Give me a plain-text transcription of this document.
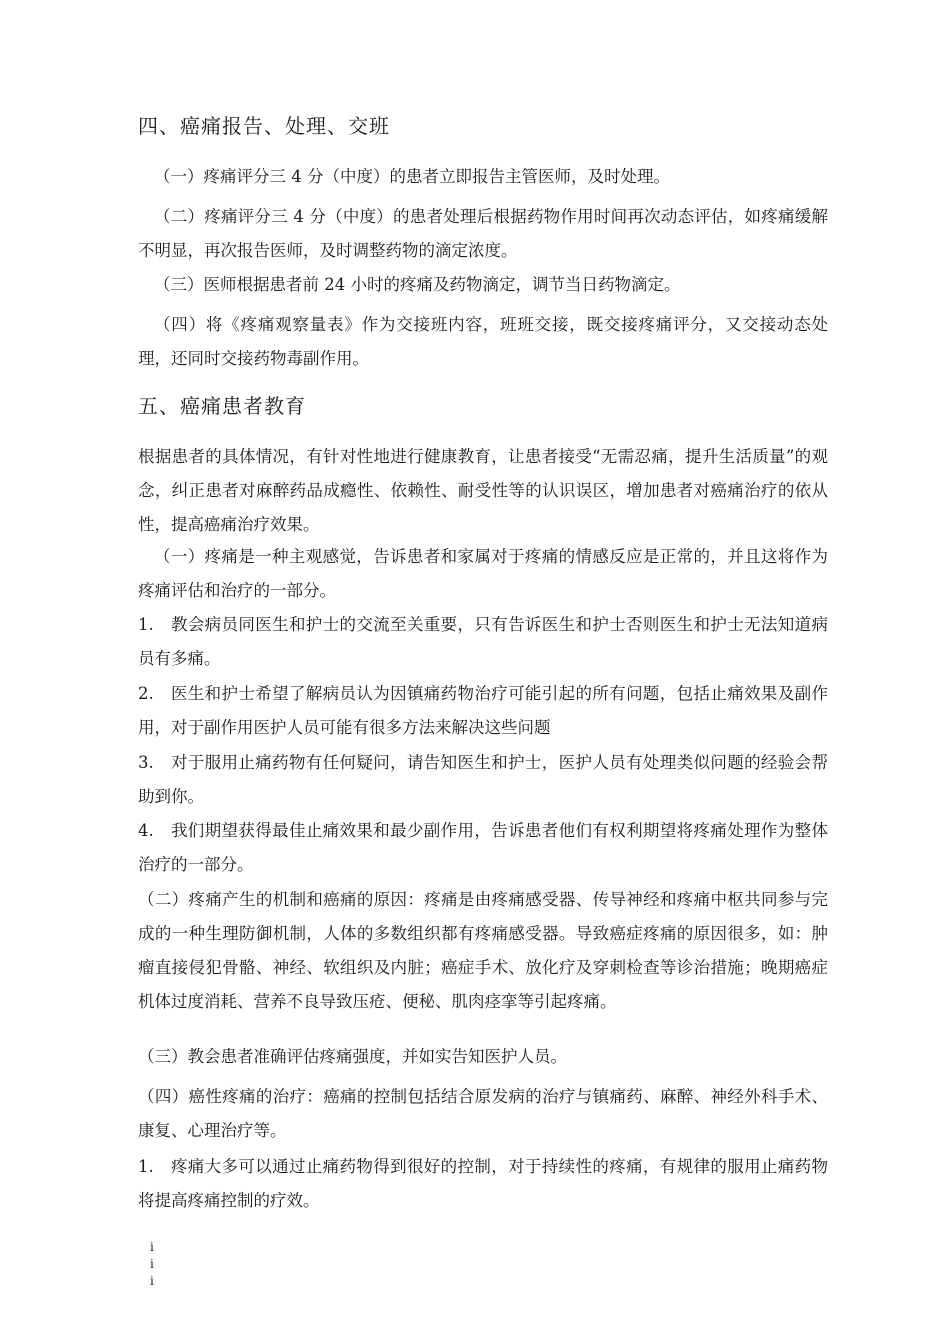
四、癌痛报告、处理、交班

（一）疼痛评分三 4 分（中度）的患者立即报告主管医师，及时处理。

（二）疼痛评分三 4 分（中度）的患者处理后根据药物作用时间再次动态评估，如疼痛缓解不明显，再次报告医师，及时调整药物的滴定浓度。

（三）医师根据患者前 24 小时的疼痛及药物滴定，调节当日药物滴定。

（四）将《疼痛观察量表》作为交接班内容，班班交接，既交接疼痛评分，又交接动态处理，还同时交接药物毒副作用。

五、癌痛患者教育

根据患者的具体情况，有针对性地进行健康教育，让患者接受“无需忍痛，提升生活质量”的观念，纠正患者对麻醉药品成瘾性、依赖性、耐受性等的认识误区，增加患者对癌痛治疗的依从性，提高癌痛治疗效果。

（一）疼痛是一种主观感觉，告诉患者和家属对于疼痛的情感反应是正常的，并且这将作为疼痛评估和治疗的一部分。

1.　教会病员同医生和护士的交流至关重要，只有告诉医生和护士否则医生和护士无法知道病员有多痛。

2.　医生和护士希望了解病员认为因镇痛药物治疗可能引起的所有问题，包括止痛效果及副作用，对于副作用医护人员可能有很多方法来解决这些问题

3.　对于服用止痛药物有任何疑问，请告知医生和护士，医护人员有处理类似问题的经验会帮助到你。

4.　我们期望获得最佳止痛效果和最少副作用，告诉患者他们有权利期望将疼痛处理作为整体治疗的一部分。

（二）疼痛产生的机制和癌痛的原因：疼痛是由疼痛感受器、传导神经和疼痛中枢共同参与完成的一种生理防御机制，人体的多数组织都有疼痛感受器。导致癌症疼痛的原因很多，如：肿瘤直接侵犯骨骼、神经、软组织及内脏；癌症手术、放化疗及穿刺检查等诊治措施；晚期癌症机体过度消耗、营养不良导致压疮、便秘、肌肉痉挛等引起疼痛。

（三）教会患者准确评估疼痛强度，并如实告知医护人员。

（四）癌性疼痛的治疗：癌痛的控制包括结合原发病的治疗与镇痛药、麻醉、神经外科手术、康复、心理治疗等。

1.　疼痛大多可以通过止痛药物得到很好的控制，对于持续性的疼痛，有规律的服用止痛药物将提高疼痛控制的疗效。

i
i
i
